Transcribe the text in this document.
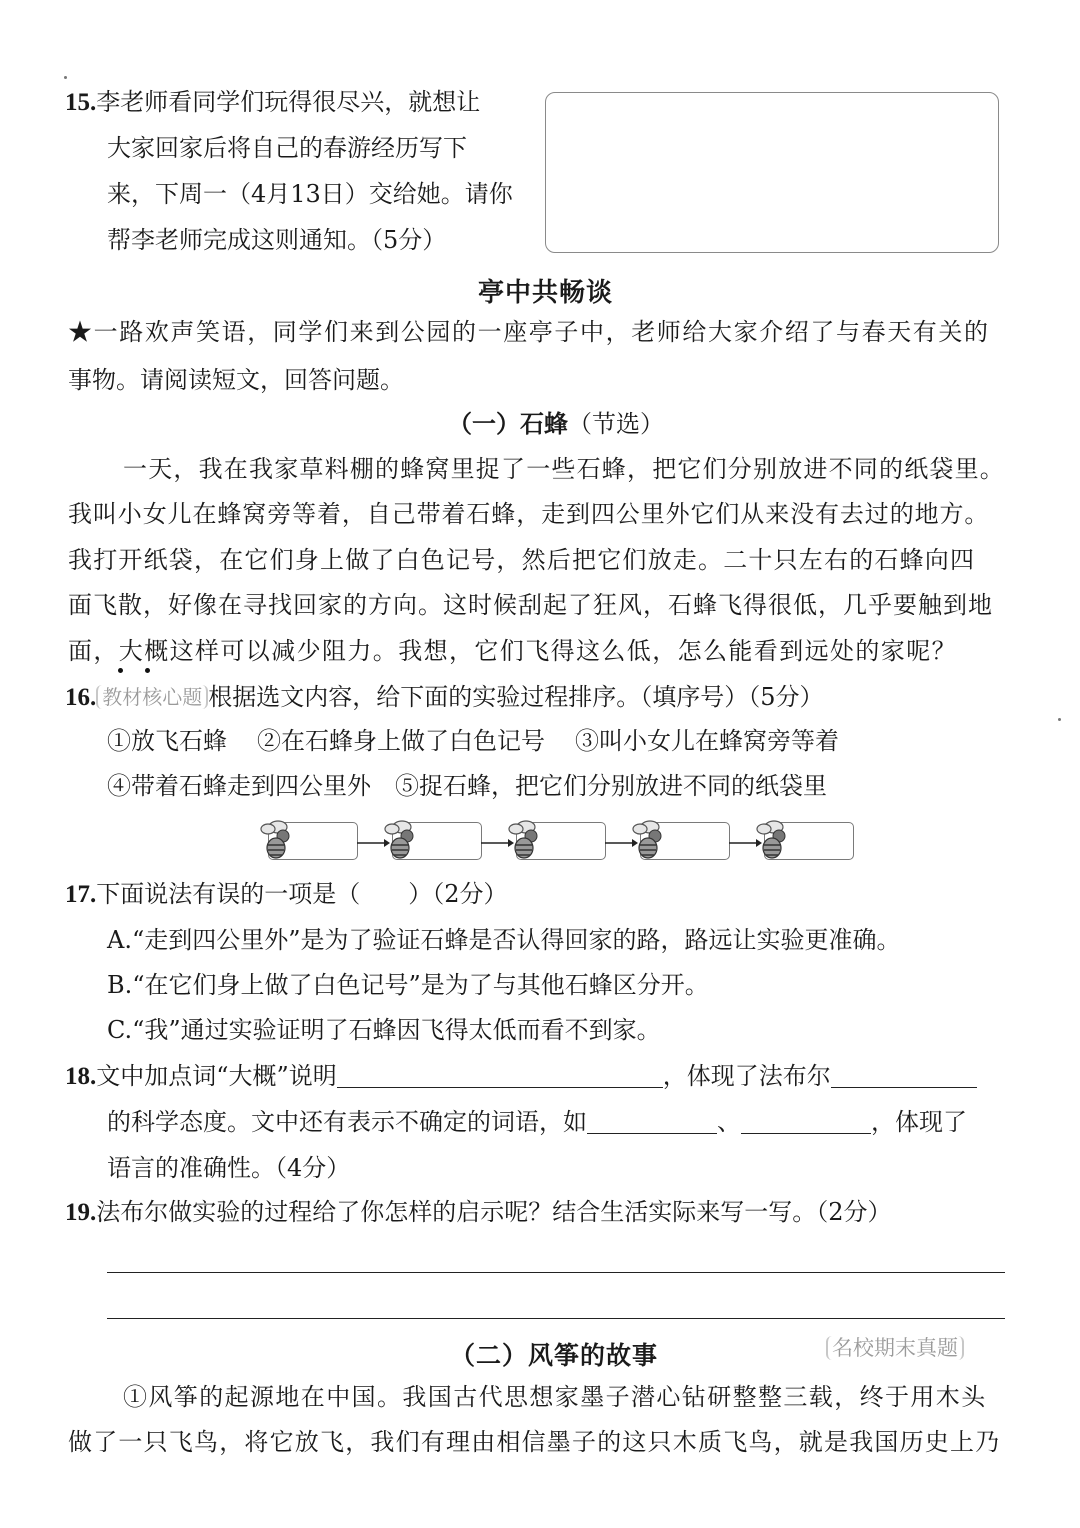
15.李老师看同学们玩得很尽兴，就想让
大家回家后将自己的春游经历写下
来，下周一（4月13日）交给她。请你
帮李老师完成这则通知。（5分）
亭中共畅谈
★一路欢声笑语，同学们来到公园的一座亭子中，老师给大家介绍了与春天有关的
事物。请阅读短文，回答问题。
（一）石蜂（节选）
一天，我在我家草料棚的蜂窝里捉了一些石蜂，把它们分别放进不同的纸袋里。
我叫小女儿在蜂窝旁等着，自己带着石蜂，走到四公里外它们从来没有去过的地方。
我打开纸袋，在它们身上做了白色记号，然后把它们放走。二十只左右的石蜂向四
面飞散，好像在寻找回家的方向。这时候刮起了狂风，石蜂飞得很低，几乎要触到地
面，大概这样可以减少阻力。我想，它们飞得这么低，怎么能看到远处的家呢？
16. 教材核心题 根据选文内容，给下面的实验过程排序。（填序号）（5分）
①放飞石蜂 ②在石蜂身上做了白色记号 ③叫小女儿在蜂窝旁等着
④带着石蜂走到四公里外 ⑤捉石蜂，把它们分别放进不同的纸袋里
17.下面说法有误的一项是（　　）（2分）
A.“走到四公里外”是为了验证石蜂是否认得回家的路，路远让实验更准确。
B.“在它们身上做了白色记号”是为了与其他石蜂区分开。
C.“我”通过实验证明了石蜂因飞得太低而看不到家。
18.文中加点词“大概”说明	，体现了法布尔
的科学态度。文中还有表示不确定的词语，如	、	，体现了
语言的准确性。（4分）
19.法布尔做实验的过程给了你怎样的启示呢？结合生活实际来写一写。（2分）
（二）风筝的故事	名校期末真题
①风筝的起源地在中国。我国古代思想家墨子潜心钻研整整三载，终于用木头
做了一只飞鸟，将它放飞，我们有理由相信墨子的这只木质飞鸟，就是我国历史上乃
